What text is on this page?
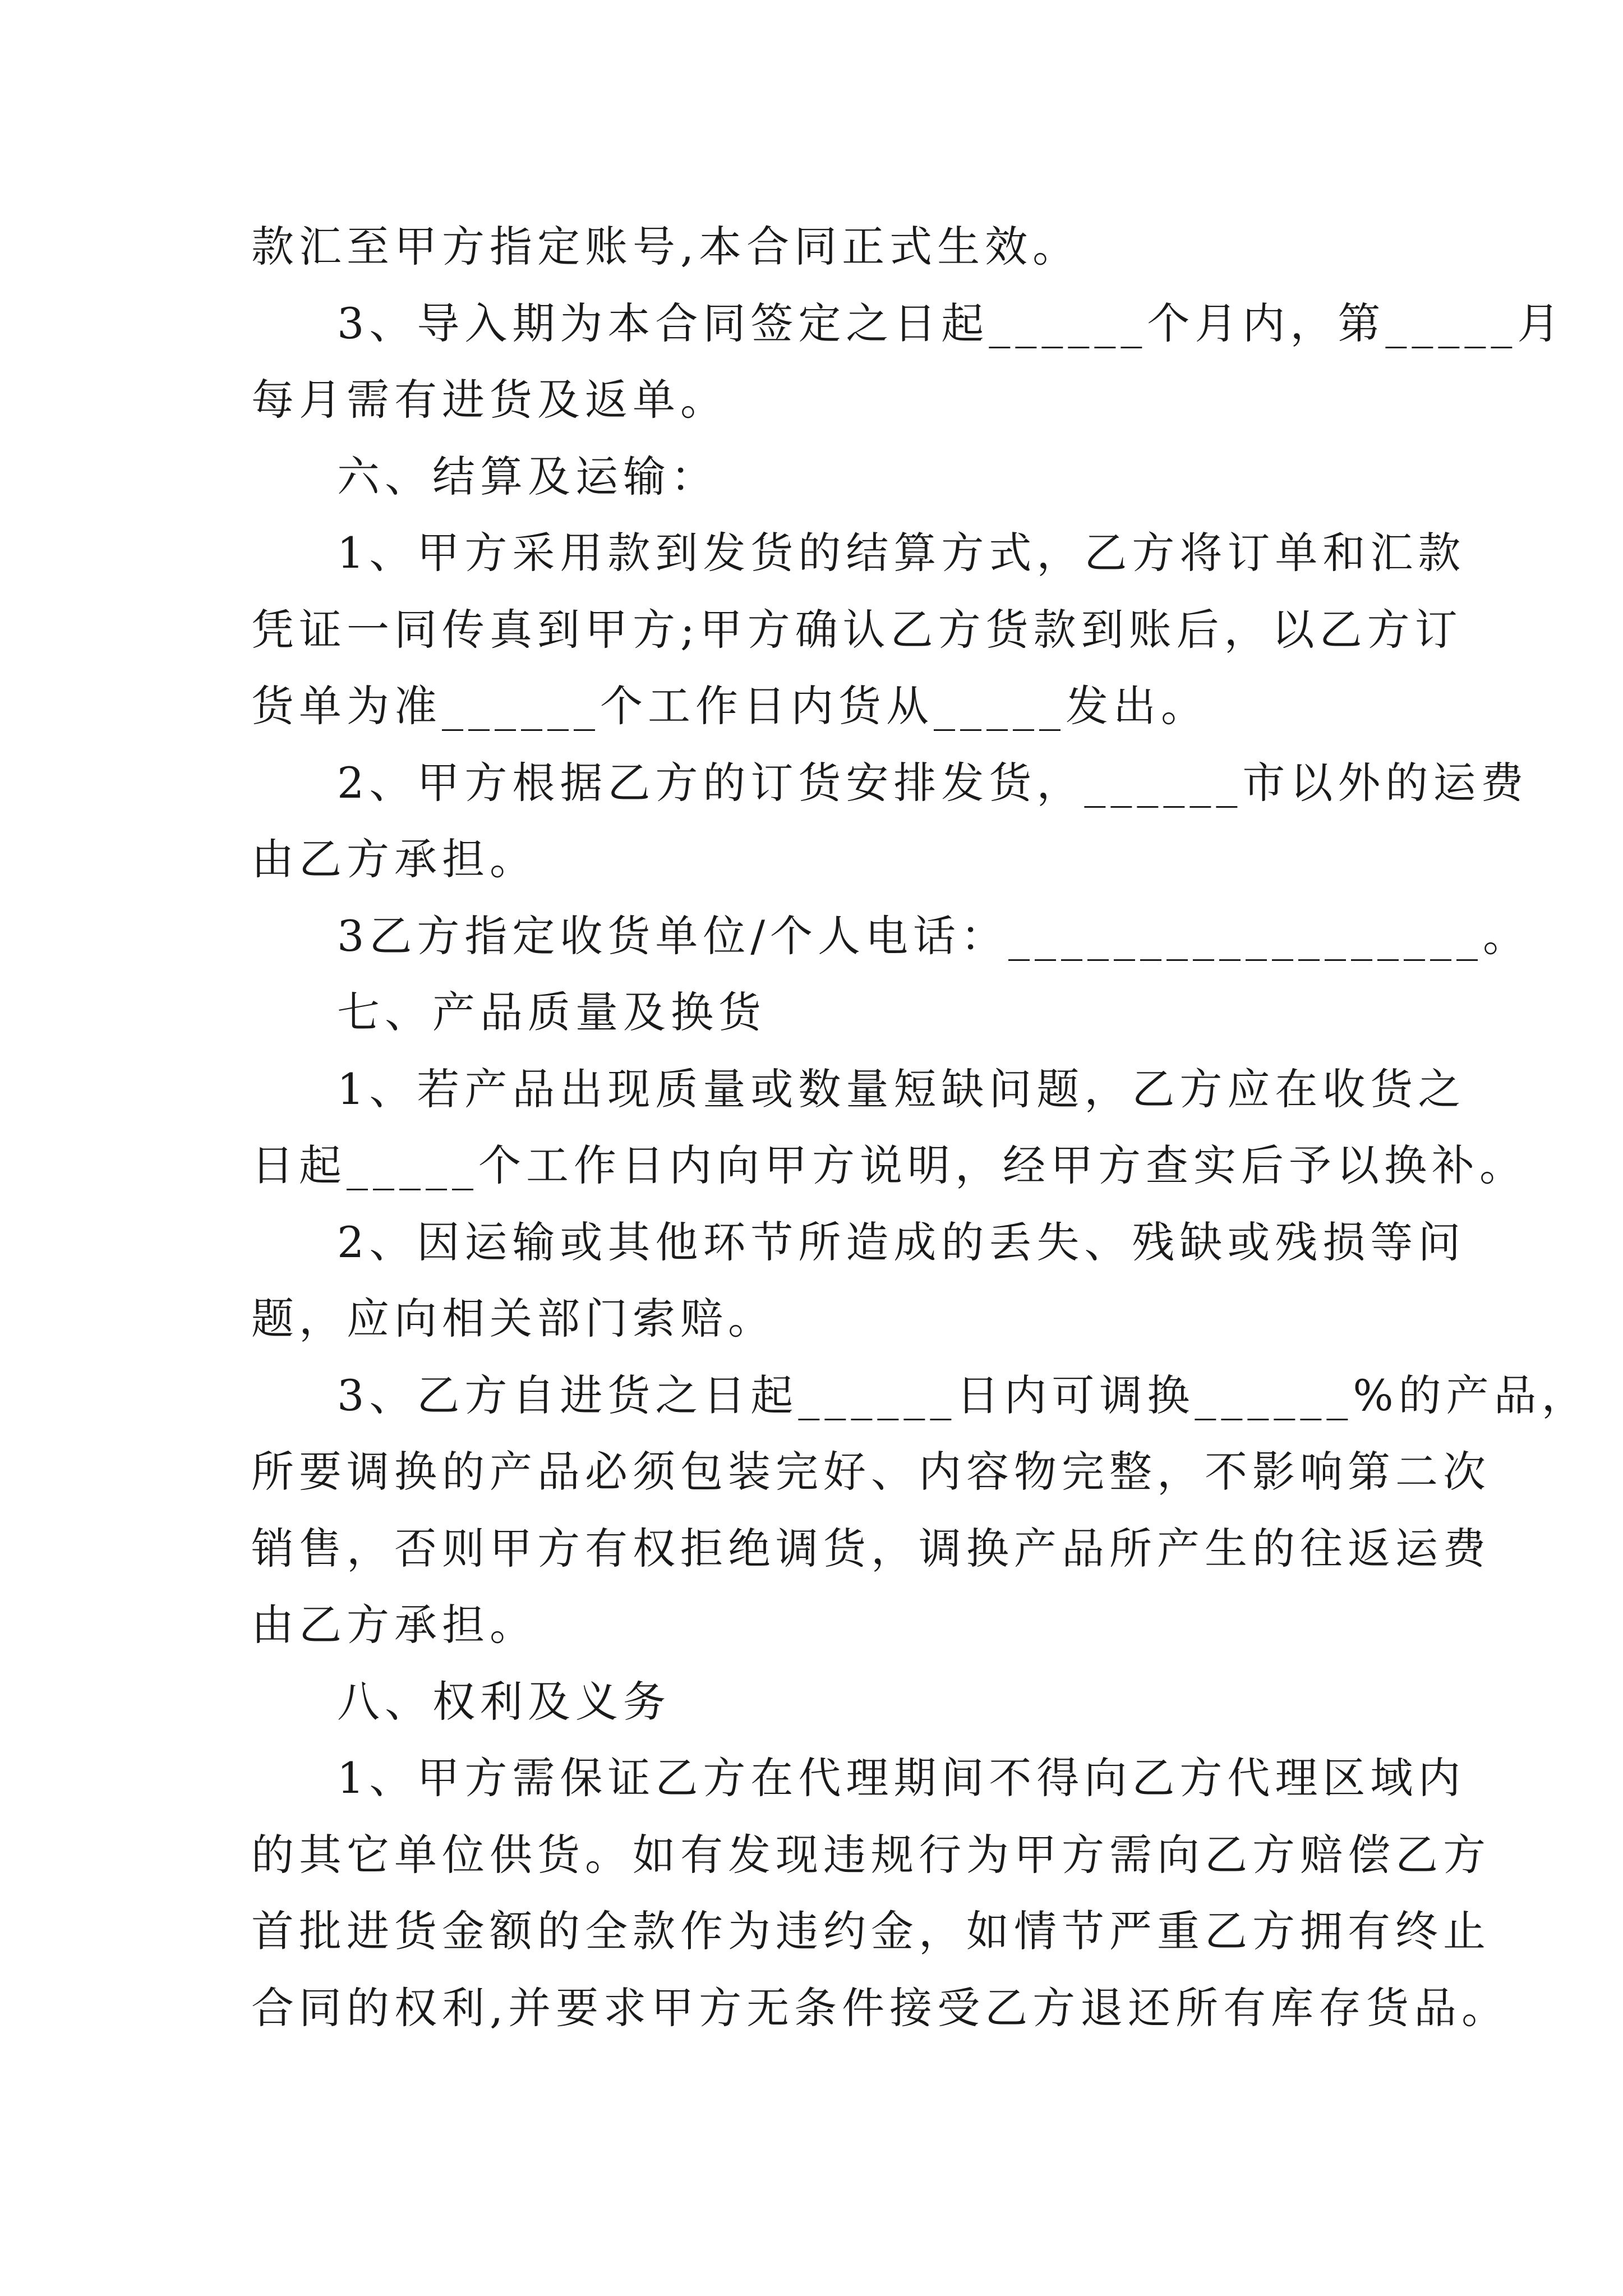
款汇至甲方指定账号,本合同正式生效。
3、导入期为本合同签定之日起______个月内，第_____月
每月需有进货及返单。
六、结算及运输：
1、甲方采用款到发货的结算方式，乙方将订单和汇款
凭证一同传真到甲方;甲方确认乙方货款到账后，以乙方订
货单为准______个工作日内货从_____发出。
2、甲方根据乙方的订货安排发货，______市以外的运费
由乙方承担。
3乙方指定收货单位/个人电话：__________________。
七、产品质量及换货
1、若产品出现质量或数量短缺问题，乙方应在收货之
日起_____个工作日内向甲方说明，经甲方查实后予以换补。
2、因运输或其他环节所造成的丢失、残缺或残损等问
题，应向相关部门索赔。
3、乙方自进货之日起______日内可调换______%的产品，
所要调换的产品必须包装完好、内容物完整，不影响第二次
销售，否则甲方有权拒绝调货，调换产品所产生的往返运费
由乙方承担。
八、权利及义务
1、甲方需保证乙方在代理期间不得向乙方代理区域内
的其它单位供货。如有发现违规行为甲方需向乙方赔偿乙方
首批进货金额的全款作为违约金，如情节严重乙方拥有终止
合同的权利,并要求甲方无条件接受乙方退还所有库存货品。
